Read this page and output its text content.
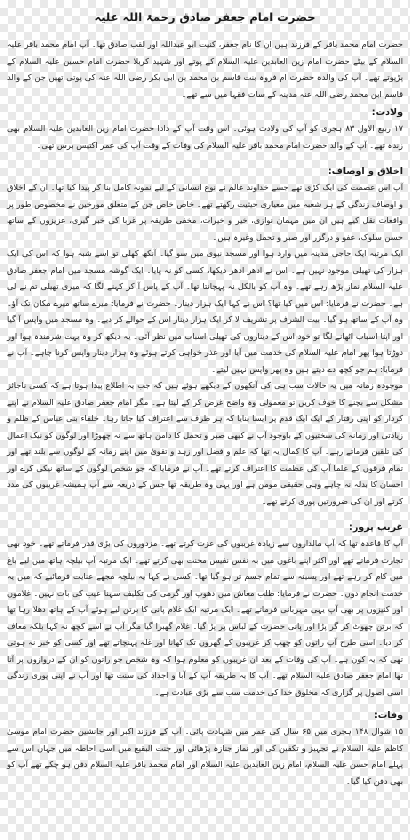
حضرت امام جعفر صادق رحمۃ اللہ علیہ

حضرت امام محمد باقر کے فرزند ہیں ان کا نام جعفر، کنیت ابو عبداللہ اور لقب صادق تھا۔ آپ امام محمد باقر علیہ السلام کے بیٹے حضرت امام زین العابدین علیہ السلام کے پوتے اور شہید کربلا حضرت امام حسین علیہ السلام کے پڑپوتے تھے۔ آپ کی والدہ حضرت ام فروہ بنت قاسم بن محمد بن ابی بکر رضی اللہ عنہ کی پوتی تھیں جن کے والد قاسم ابن محمد رضی اللہ عنہ مدینہ کے سات فقہا میں سے تھے۔

ولادت:

۱۷ ربیع الاول ۸۳ ہجری کو آپ کی ولادت ہوئی۔ اس وقت آپ کے دادا حضرت امام زین العابدین علیہ السلام بھی زندہ تھے۔ آپ کے والد حضرت امام محمد باقر علیہ السلام کی وفات کے وقت آپ کی عمر اکتیس برس تھی۔

اخلاق و اوصاف:

آپ اس عصمت کی ایک کڑی تھے جسے خداوند عالم نے نوع انسانی کے لیے نمونہ کامل بنا کر پیدا کیا تھا۔ ان کے اخلاق و اوصاف زندگی کے ہر شعبہ میں معیاری حیثیت رکھتے تھے۔ خاص خاص جن کے متعلق مورخین نے مخصوص طور پر واقعات نقل کیے ہیں ان میں مہمان نوازی، خیر و خیرات، مخفی طریقہ پر غربا کی خبر گیری، عزیزوں کے ساتھ حسن سلوک، عفو و درگزر اور صبر و تحمل وغیرہ ہیں۔

ایک مرتبہ ایک حاجی مدینہ میں وارد ہوا اور مسجد نبوی میں سو گیا۔ آنکھ کھلی تو اسے شبہ ہوا کہ اس کی ایک ہزار کی تھیلی موجود نہیں ہے۔ اس نے ادھر ادھر دیکھا، کسی کو نہ پایا۔ ایک گوشہ مسجد میں امام جعفر صادق علیہ السلام نماز پڑھ رہے تھے۔ وہ آپ کو بالکل نہ پہچانتا تھا۔ آپ کے پاس آ کر کہنے لگا کہ میری تھیلی تم نے لی ہے۔ حضرت نے فرمایا: اس میں کیا تھا؟ اس نے کہا ایک ہزار دینار۔ حضرت نے فرمایا: میرے ساتھ میرے مکان تک آؤ۔ وہ آپ کے ساتھ ہو گیا۔ بیت الشرف پر تشریف لا کر ایک ہزار دینار اس کے حوالے کر دیے۔ وہ مسجد میں واپس آ گیا اور اپنا اسباب اٹھانے لگا تو خود اس کے دیناروں کی تھیلی اسباب میں نظر آئی۔ یہ دیکھ کر وہ بہت شرمندہ ہوا اور دوڑتا ہوا پھر امام علیہ السلام کی خدمت میں آیا اور عذر خواہی کرتے ہوئے وہ ہزار دینار واپس کرنا چاہے۔ آپ نے فرمایا: ہم جو کچھ دے دیتے ہیں وہ پھر واپس نہیں لیتے۔

موجودہ زمانہ میں یہ حالات سب ہی کی آنکھوں کے دیکھے ہوئے ہیں کہ جب یہ اطلاع پیدا ہوتا ہے کہ کسی ناجائز مشکل سے بچنے کا خوف کریں تو معمولی وہ واضح غرض کر کے لیتا ہے۔ مگر امام جعفر صادق علیہ السلام نے اپنے کردار کو اپنی رفتار کے ایک ایک قدم پر ایسا بنایا کہ ہر طرف سے اعتراف کیا جاتا رہا۔ خلفاء بنی عباس کے ظلم و زیادتی اور زمانہ کی سختیوں کے باوجود آپ نے کبھی صبر و تحمل کا دامن ہاتھ سے نہ چھوڑا اور لوگوں کو نیک اعمال کی تلقین فرماتے رہے۔ آپ کا کمال یہ تھا کہ علم و فضل اور زہد و تقویٰ میں اپنے زمانہ کے لوگوں سے بلند تھے اور تمام فرقوں کے علما آپ کی عظمت کا اعتراف کرتے تھے۔ آپ نے فرمایا کہ جو شخص لوگوں کے ساتھ نیکی کرے اور احسان کا بدلہ نہ چاہے وہی حقیقی مومن ہے اور یہی وہ طریقہ تھا جس کے ذریعہ سے آپ ہمیشہ غریبوں کی مدد کرتے اور ان کی ضرورتیں پوری کرتے تھے۔

غریب پرور:

آپ کا قاعدہ تھا کہ آپ مالداروں سے زیادہ غریبوں کی عزت کرتے تھے۔ مزدوروں کی بڑی قدر فرماتے تھے۔ خود بھی تجارت فرماتے تھے اور اکثر اپنے باغوں میں بہ نفس نفیس محنت بھی کرتے تھے۔ ایک مرتبہ آپ بیلچہ ہاتھ میں لیے باغ میں کام کر رہے تھے اور پسینہ سے تمام جسم تر ہو گیا تھا۔ کسی نے کہا یہ بیلچہ مجھے عنایت فرمائیے کہ میں یہ خدمت انجام دوں۔ حضرت نے فرمایا: طلب معاش میں دھوپ اور گرمی کی تکلیف سہنا عیب کی بات نہیں۔ غلاموں اور کنیزوں پر بھی آپ یہی مہربانی فرماتے تھے۔ ایک مرتبہ ایک غلام پانی کا برتن لیے ہوئے آپ کے ہاتھ دھلا رہا تھا کہ برتن چھوٹ کر گر پڑا اور پانی حضرت کے لباس پر پڑ گیا۔ غلام گھبرا گیا مگر آپ نے اسے کچھ نہ کہا بلکہ معاف کر دیا۔ اسی طرح آپ راتوں کو چھپ کر غریبوں کے گھروں تک کھانا اور غلہ پہنچاتے تھے اور کسی کو خبر نہ ہوتی تھی کہ یہ کون ہے۔ آپ کی وفات کے بعد ان غریبوں کو معلوم ہوا کہ وہ شخص جو راتوں کو ان کے دروازوں پر آتا تھا امام جعفر صادق علیہ السلام تھے۔ آپ کا یہ طریقہ آپ کے آبا و اجداد کی سنت تھا اور آپ نے اپنی پوری زندگی اسی اصول پر گزاری کہ مخلوق خدا کی خدمت سب سے بڑی عبادت ہے۔

وفات:

۱۵ شوال ۱۴۸ ہجری میں ۶۵ سال کی عمر میں شہادت پائی۔ آپ کے فرزند اکبر اور جانشین حضرت امام موسیٰ کاظم علیہ السلام نے تجہیز و تکفین کی اور نماز جنازہ پڑھائی اور جنت البقیع میں اسی احاطہ میں جہاں اس سے پہلے امام حسن علیہ السلام، امام زین العابدین علیہ السلام اور امام محمد باقر علیہ السلام دفن ہو چکے تھے آپ کو بھی دفن کیا گیا۔
